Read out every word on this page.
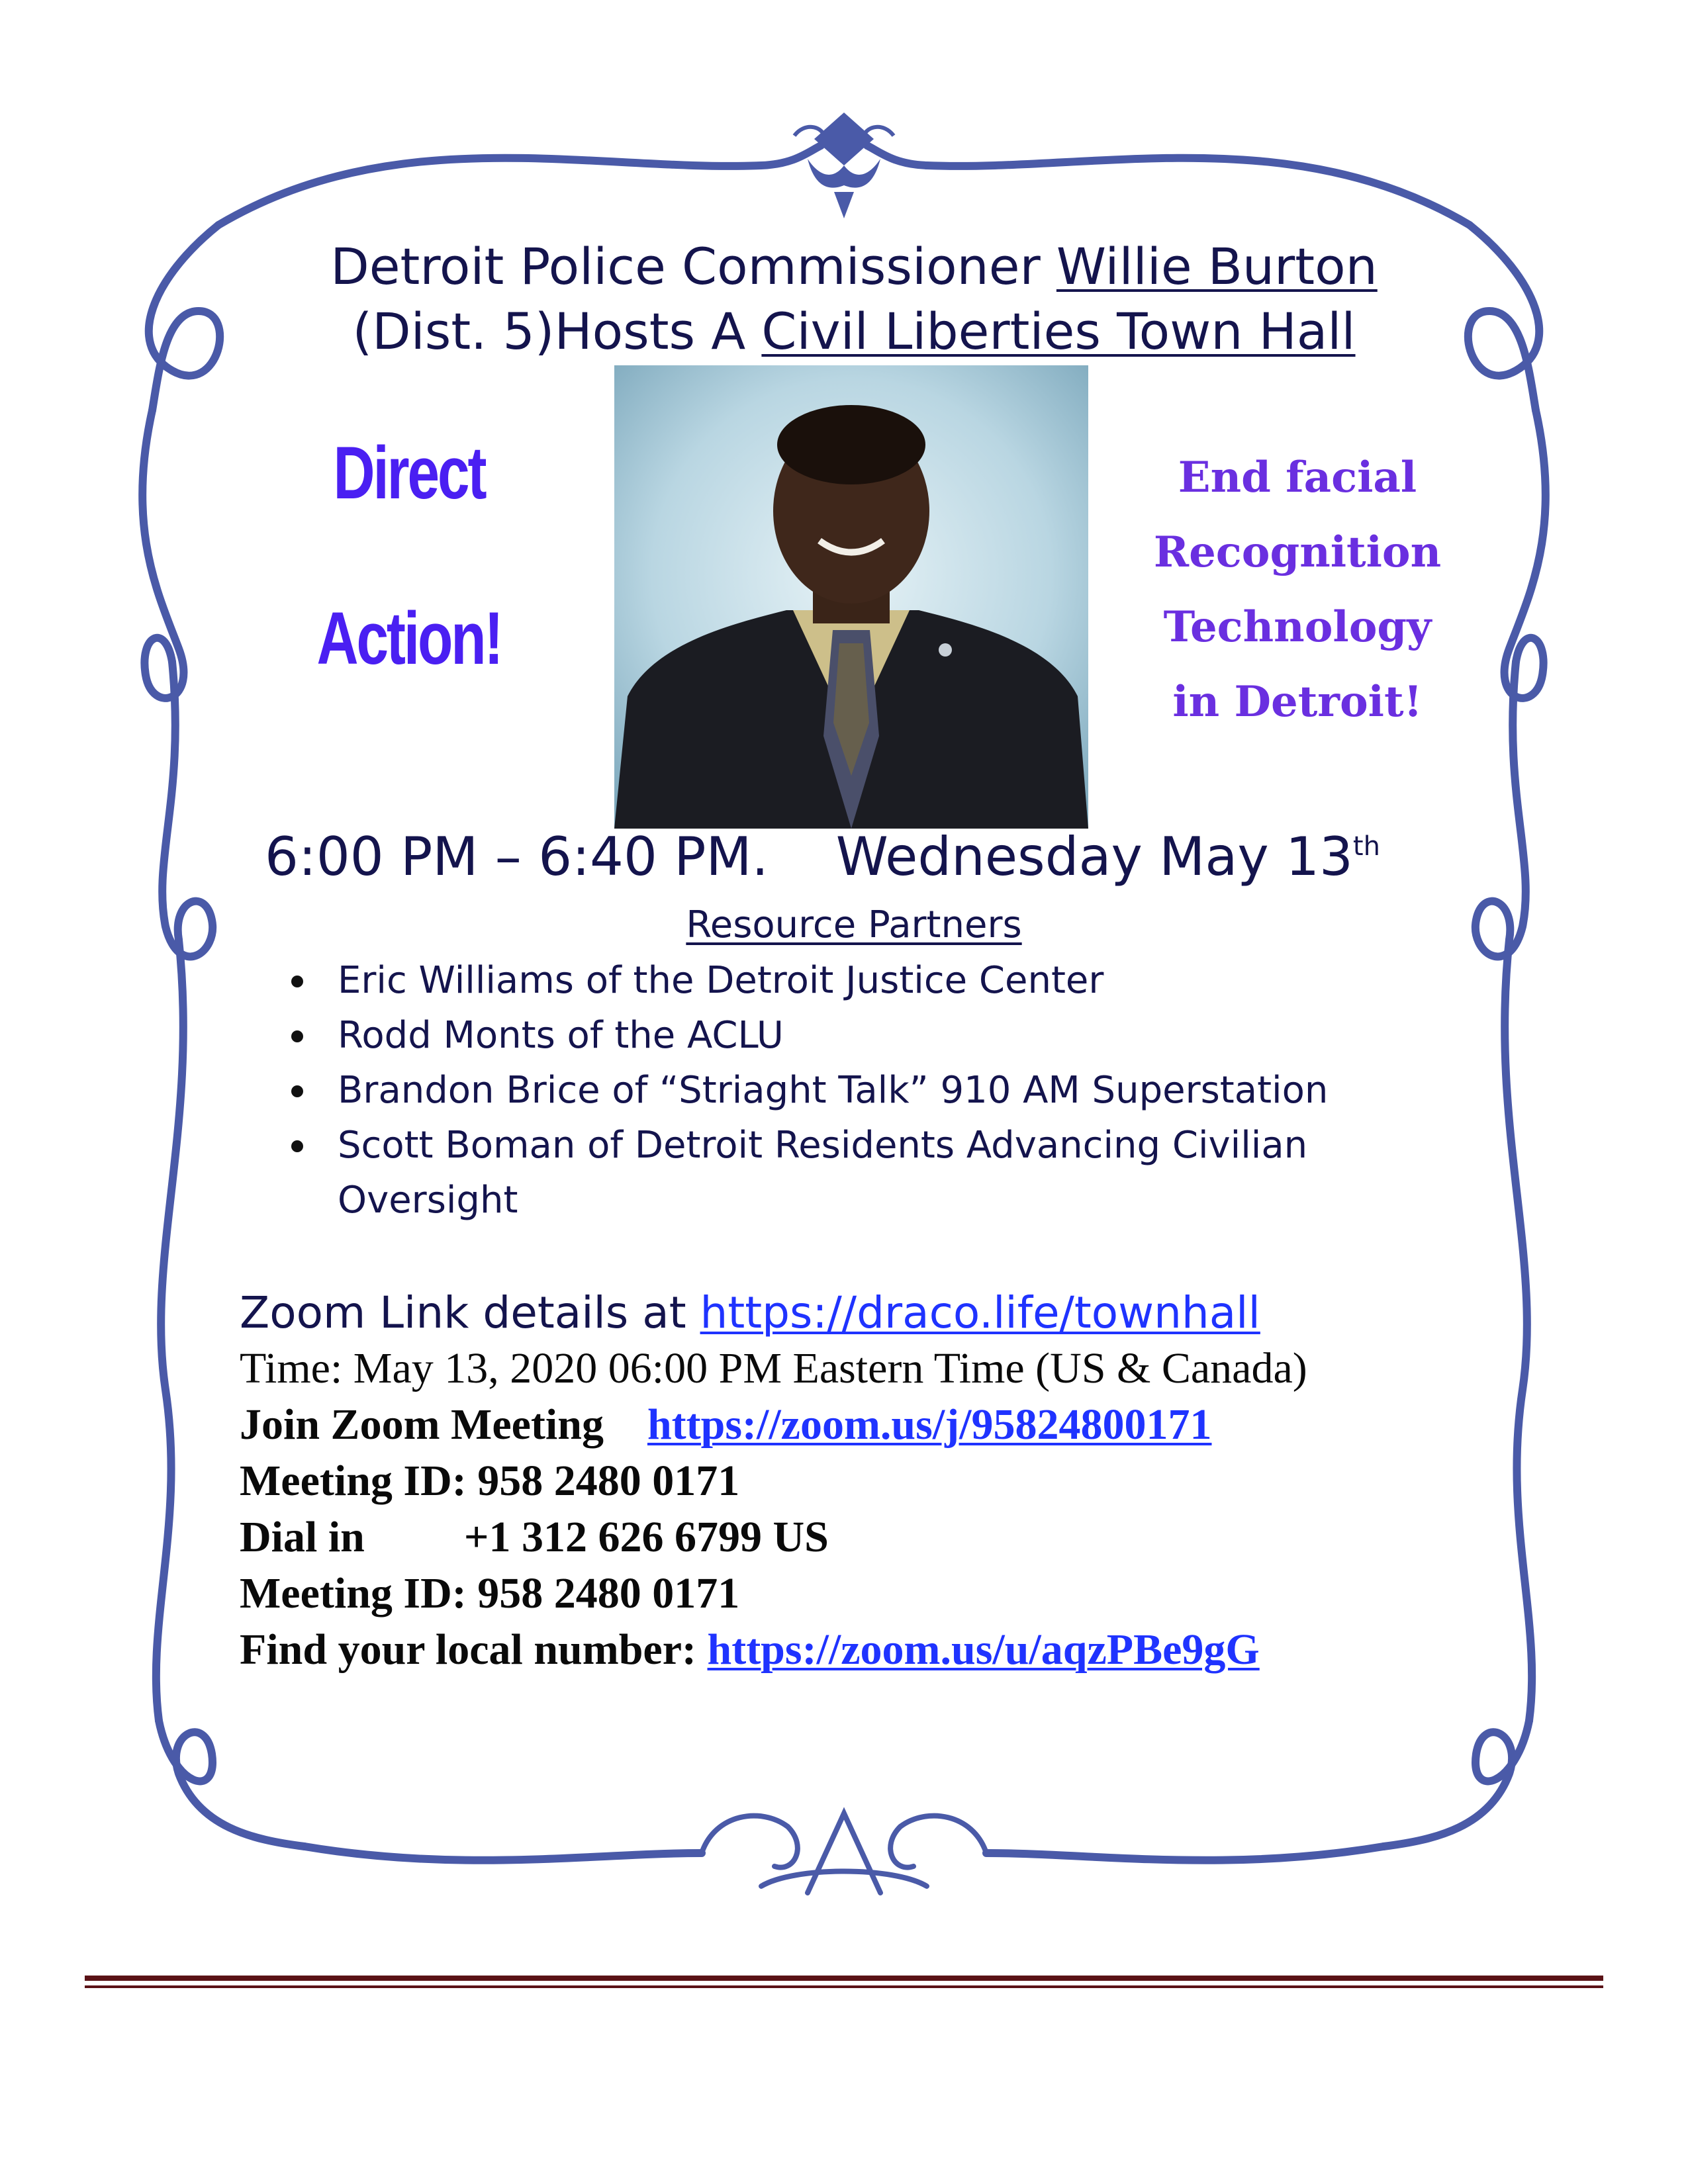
Detroit Police Commissioner Willie Burton
(Dist. 5)Hosts A Civil Liberties Town Hall
Direct
Action!
End facial
Recognition
Technology
in Detroit!
6:00 PM – 6:40 PM. Wednesday May 13th
Resource Partners
Eric Williams of the Detroit Justice Center
Rodd Monts of the ACLU
Brandon Brice of “Striaght Talk” 910 AM Superstation
Scott Boman of Detroit Residents Advancing Civilian Oversight
Zoom Link details at https://draco.life/townhall
Time: May 13, 2020 06:00 PM Eastern Time (US & Canada)
Join Zoom Meeting https://zoom.us/j/95824800171
Meeting ID: 958 2480 0171
Dial in +1 312 626 6799 US
Meeting ID: 958 2480 0171
Find your local number: https://zoom.us/u/aqzPBe9gG
